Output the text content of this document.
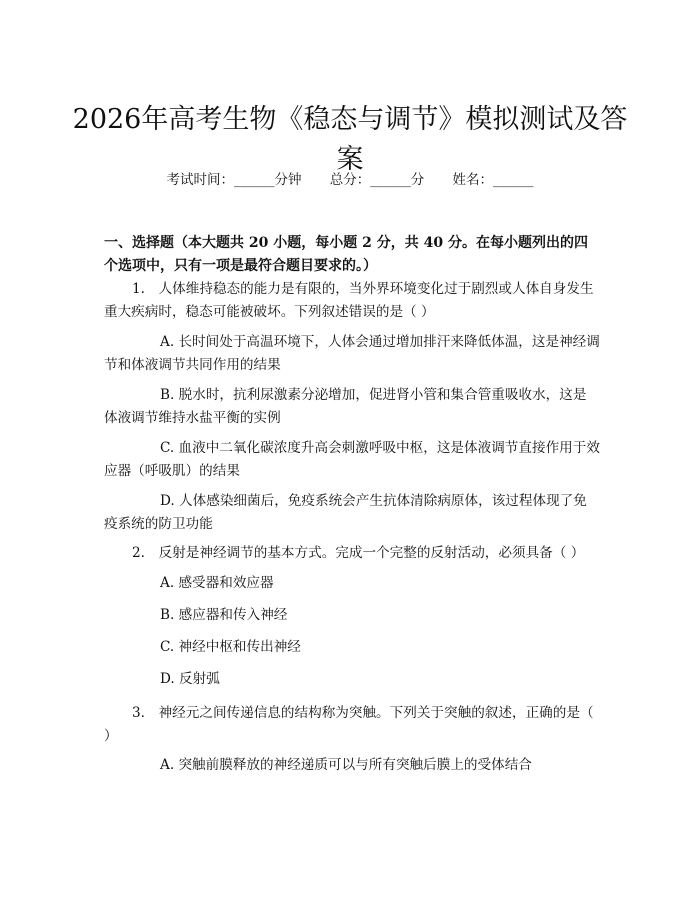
2026年高考生物《稳态与调节》模拟测试及答案
考试时间：______分钟 总分：______分 姓名：______
一、选择题（本大题共 20 小题，每小题 2 分，共 40 分。在每小题列出的四个选项中，只有一项是最符合题目要求的。）
1.　人体维持稳态的能力是有限的，当外界环境变化过于剧烈或人体自身发生重大疾病时，稳态可能被破坏。下列叙述错误的是（ ）
A. 长时间处于高温环境下，人体会通过增加排汗来降低体温，这是神经调节和体液调节共同作用的结果
B. 脱水时，抗利尿激素分泌增加，促进肾小管和集合管重吸收水，这是体液调节维持水盐平衡的实例
C. 血液中二氧化碳浓度升高会刺激呼吸中枢，这是体液调节直接作用于效应器（呼吸肌）的结果
D. 人体感染细菌后，免疫系统会产生抗体清除病原体，该过程体现了免疫系统的防卫功能
2.　反射是神经调节的基本方式。完成一个完整的反射活动，必须具备（ ）
A. 感受器和效应器
B. 感应器和传入神经
C. 神经中枢和传出神经
D. 反射弧
3.　神经元之间传递信息的结构称为突触。下列关于突触的叙述，正确的是（ ）
A. 突触前膜释放的神经递质可以与所有突触后膜上的受体结合
